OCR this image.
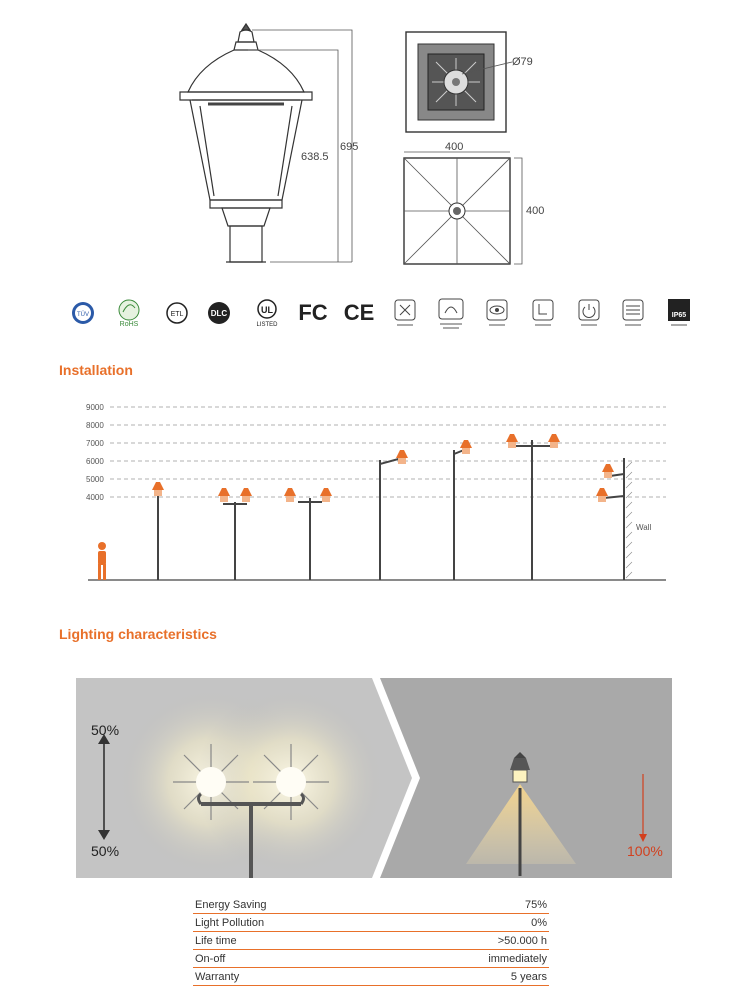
638.5
695
Ø79
400
400
TÜV
RoHS
ETL	DLC	UL
LISTED FC CE	IP65
Installation
9000
8000
7000
6000
5000
4000
Wall
Lighting characteristics
50%
50%	100%
Energy Saving	75%
Light Pollution	0%
Life time	>50.000 h
On-off	immediately
Warranty	5 years
